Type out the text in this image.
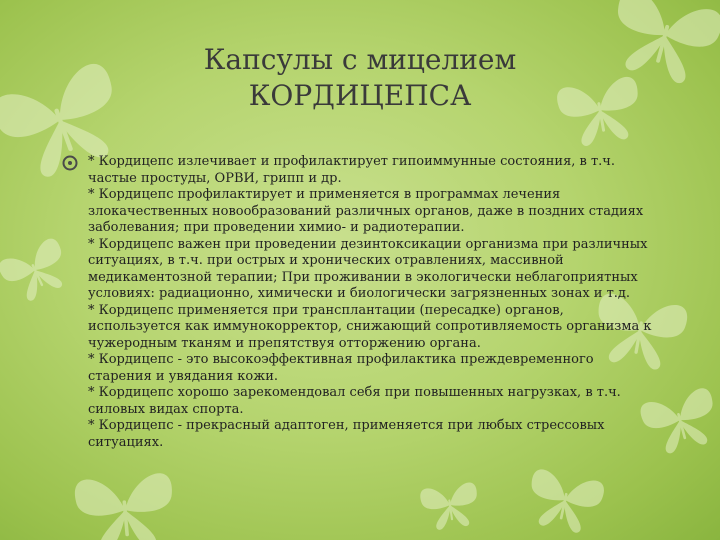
Капсулы с мицелием
КОРДИЦЕПСА

* Кордицепс излечивает и профилактирует гипоиммунные состояния, в т.ч. частые простуды, ОРВИ, грипп и др.

* Кордицепс профилактирует и применяется в программах лечения злокачественных новообразований различных органов, даже в поздних стадиях заболевания; при проведении химио- и радиотерапии.

* Кордицепс важен при проведении дезинтоксикации организма при различных ситуациях, в т.ч. при острых и хронических отравлениях, массивной медикаментозной терапии; При проживании в экологически неблагоприятных условиях: радиационно, химически и биологически загрязненных зонах и т.д.

* Кордицепс применяется при трансплантации (пересадке) органов, используется как иммунокорректор, снижающий сопротивляемость организма к чужеродным тканям и препятствуя отторжению органа.

* Кордицепс - это высокоэффективная профилактика преждевременного старения и увядания кожи.

* Кордицепс хорошо зарекомендовал себя при повышенных нагрузках, в т.ч. силовых видах спорта.

* Кордицепс - прекрасный адаптоген, применяется при любых стрессовых ситуациях.
